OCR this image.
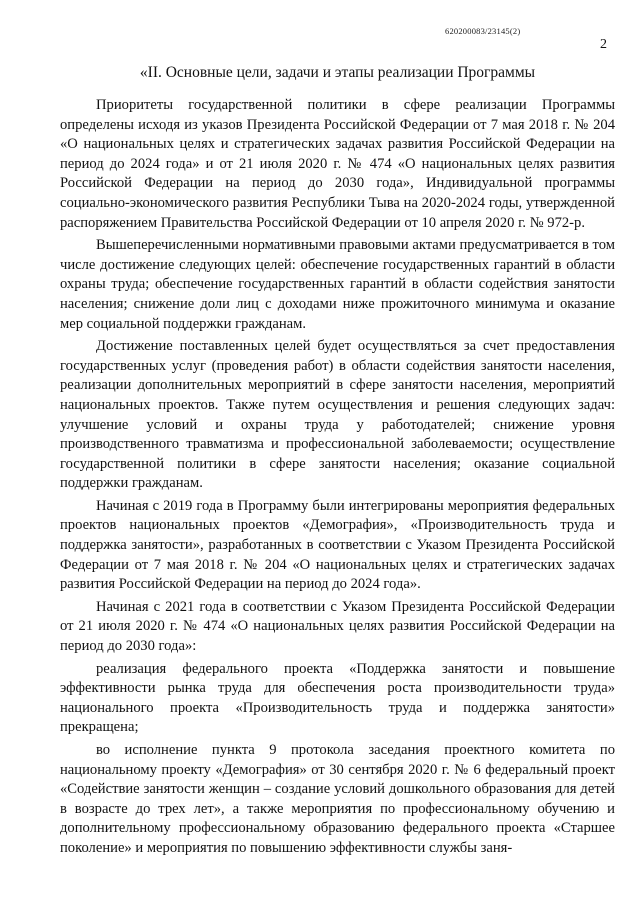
620200083/23145(2)
2
«II. Основные цели, задачи и этапы реализации Программы

Приоритеты государственной политики в сфере реализации Программы определены исходя из указов Президента Российской Федерации от 7 мая 2018 г. № 204 «О национальных целях и стратегических задачах развития Российской Федерации на период до 2024 года» и от 21 июля 2020 г. № 474 «О национальных целях развития Российской Федерации на период до 2030 года», Индивидуальной программы социально-экономического развития Республики Тыва на 2020-2024 годы, утвержденной распоряжением Правительства Российской Федерации от 10 апреля 2020 г. № 972-р.

Вышеперечисленными нормативными правовыми актами предусматривается в том числе достижение следующих целей: обеспечение государственных гарантий в области охраны труда; обеспечение государственных гарантий в области содействия занятости населения; снижение доли лиц с доходами ниже прожиточного минимума и оказание мер социальной поддержки гражданам.

Достижение поставленных целей будет осуществляться за счет предоставления государственных услуг (проведения работ) в области содействия занятости населения, реализации дополнительных мероприятий в сфере занятости населения, мероприятий национальных проектов. Также путем осуществления и решения следующих задач: улучшение условий и охраны труда у работодателей; снижение уровня производственного травматизма и профессиональной заболеваемости; осуществление государственной политики в сфере занятости населения; оказание социальной поддержки гражданам.

Начиная с 2019 года в Программу были интегрированы мероприятия федеральных проектов национальных проектов «Демография», «Производительность труда и поддержка занятости», разработанных в соответствии с Указом Президента Российской Федерации от 7 мая 2018 г. № 204 «О национальных целях и стратегических задачах развития Российской Федерации на период до 2024 года».

Начиная с 2021 года в соответствии с Указом Президента Российской Федерации от 21 июля 2020 г. № 474 «О национальных целях развития Российской Федерации на период до 2030 года»:

реализация федерального проекта «Поддержка занятости и повышение эффективности рынка труда для обеспечения роста производительности труда» национального проекта «Производительность труда и поддержка занятости» прекращена;

во исполнение пункта 9 протокола заседания проектного комитета по национальному проекту «Демография» от 30 сентября 2020 г. № 6 федеральный проект «Содействие занятости женщин – создание условий дошкольного образования для детей в возрасте до трех лет», а также мероприятия по профессиональному обучению и дополнительному профессиональному образованию федерального проекта «Старшее поколение» и мероприятия по повышению эффективности службы заня-
